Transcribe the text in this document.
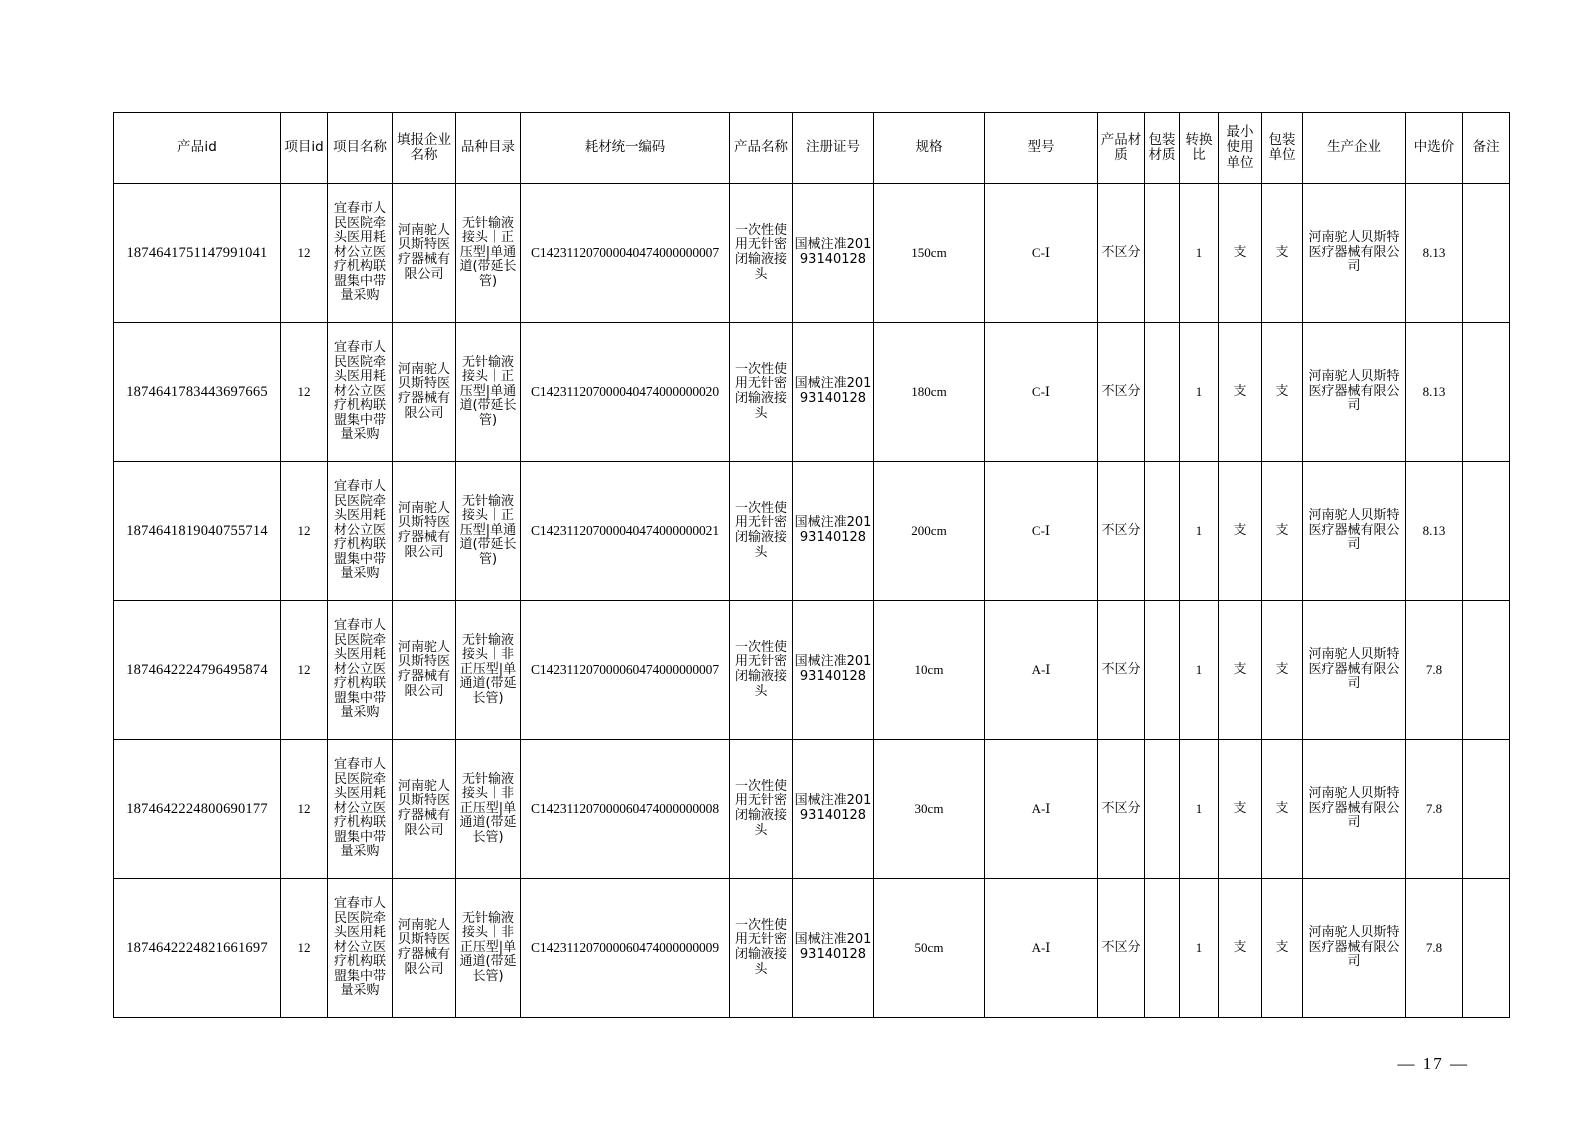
产品id	项目id	项目名称	填报企业名称	品种目录	耗材统一编码	产品名称	注册证号	规格	型号	产品材质	包装材质	转换比	最小使用单位	包装单位	生产企业	中选价	备注
1874641751147991041	12	宜春市人民医院牵头医用耗材公立医疗机构联盟集中带量采购	河南驼人贝斯特医疗器械有限公司	无针输液接头｜正压型|单通道(带延长管)	C142311207000040474000000007	一次性使用无针密闭输液接头	国械注准20193140128	150cm	C-Ⅰ	不区分		1	支	支	河南驼人贝斯特医疗器械有限公司	8.13	
1874641783443697665	12	宜春市人民医院牵头医用耗材公立医疗机构联盟集中带量采购	河南驼人贝斯特医疗器械有限公司	无针输液接头｜正压型|单通道(带延长管)	C142311207000040474000000020	一次性使用无针密闭输液接头	国械注准20193140128	180cm	C-Ⅰ	不区分		1	支	支	河南驼人贝斯特医疗器械有限公司	8.13	
1874641819040755714	12	宜春市人民医院牵头医用耗材公立医疗机构联盟集中带量采购	河南驼人贝斯特医疗器械有限公司	无针输液接头｜正压型|单通道(带延长管)	C142311207000040474000000021	一次性使用无针密闭输液接头	国械注准20193140128	200cm	C-Ⅰ	不区分		1	支	支	河南驼人贝斯特医疗器械有限公司	8.13	
1874642224796495874	12	宜春市人民医院牵头医用耗材公立医疗机构联盟集中带量采购	河南驼人贝斯特医疗器械有限公司	无针输液接头｜非正压型|单通道(带延长管)	C142311207000060474000000007	一次性使用无针密闭输液接头	国械注准20193140128	10cm	A-Ⅰ	不区分		1	支	支	河南驼人贝斯特医疗器械有限公司	7.8	
1874642224800690177	12	宜春市人民医院牵头医用耗材公立医疗机构联盟集中带量采购	河南驼人贝斯特医疗器械有限公司	无针输液接头｜非正压型|单通道(带延长管)	C142311207000060474000000008	一次性使用无针密闭输液接头	国械注准20193140128	30cm	A-Ⅰ	不区分		1	支	支	河南驼人贝斯特医疗器械有限公司	7.8	
1874642224821661697	12	宜春市人民医院牵头医用耗材公立医疗机构联盟集中带量采购	河南驼人贝斯特医疗器械有限公司	无针输液接头｜非正压型|单通道(带延长管)	C142311207000060474000000009	一次性使用无针密闭输液接头	国械注准20193140128	50cm	A-Ⅰ	不区分		1	支	支	河南驼人贝斯特医疗器械有限公司	7.8	
— 17 —
